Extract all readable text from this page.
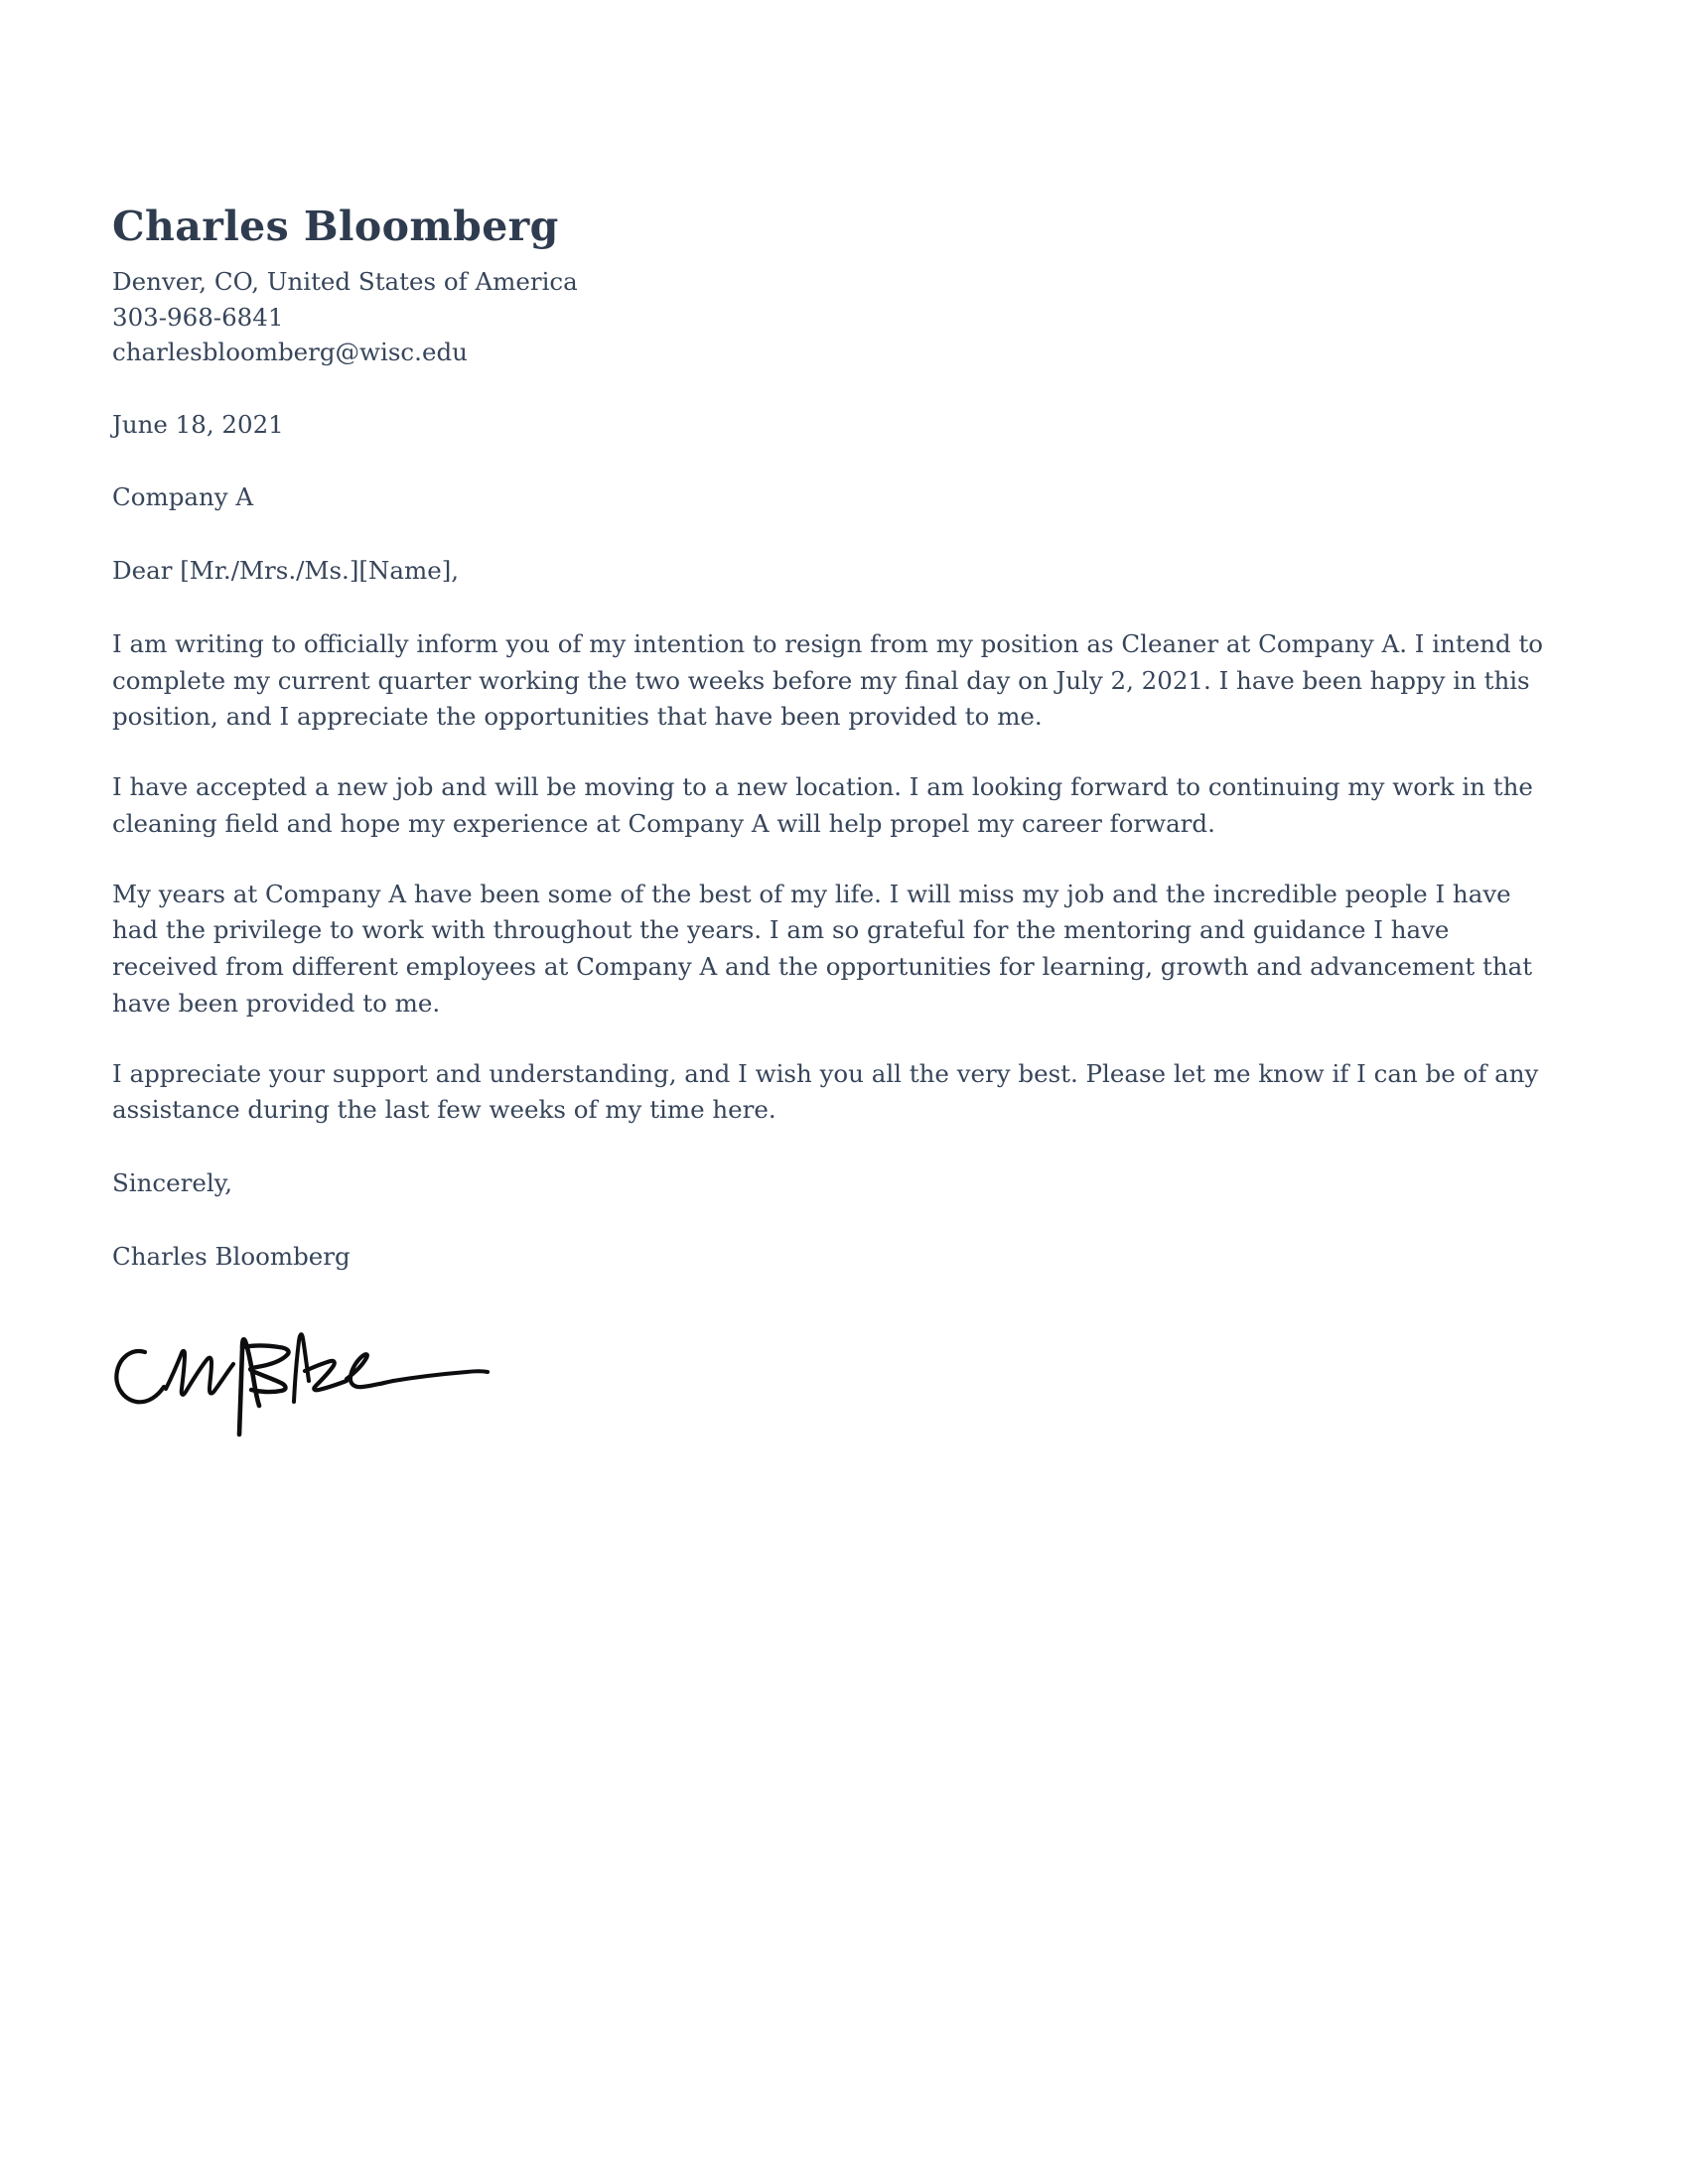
Charles Bloomberg

Denver, CO, United States of America

303-968-6841

charlesbloomberg@wisc.edu

June 18, 2021

Company A

Dear [Mr./Mrs./Ms.][Name],

I am writing to officially inform you of my intention to resign from my position as Cleaner at Company A. I intend to complete my current quarter working the two weeks before my final day on July 2, 2021. I have been happy in this position, and I appreciate the opportunities that have been provided to me.

I have accepted a new job and will be moving to a new location. I am looking forward to continuing my work in the cleaning field and hope my experience at Company A will help propel my career forward.

My years at Company A have been some of the best of my life. I will miss my job and the incredible people I have had the privilege to work with throughout the years. I am so grateful for the mentoring and guidance I have received from different employees at Company A and the opportunities for learning, growth and advancement that have been provided to me.

I appreciate your support and understanding, and I wish you all the very best. Please let me know if I can be of any assistance during the last few weeks of my time here.

Sincerely,

Charles Bloomberg
